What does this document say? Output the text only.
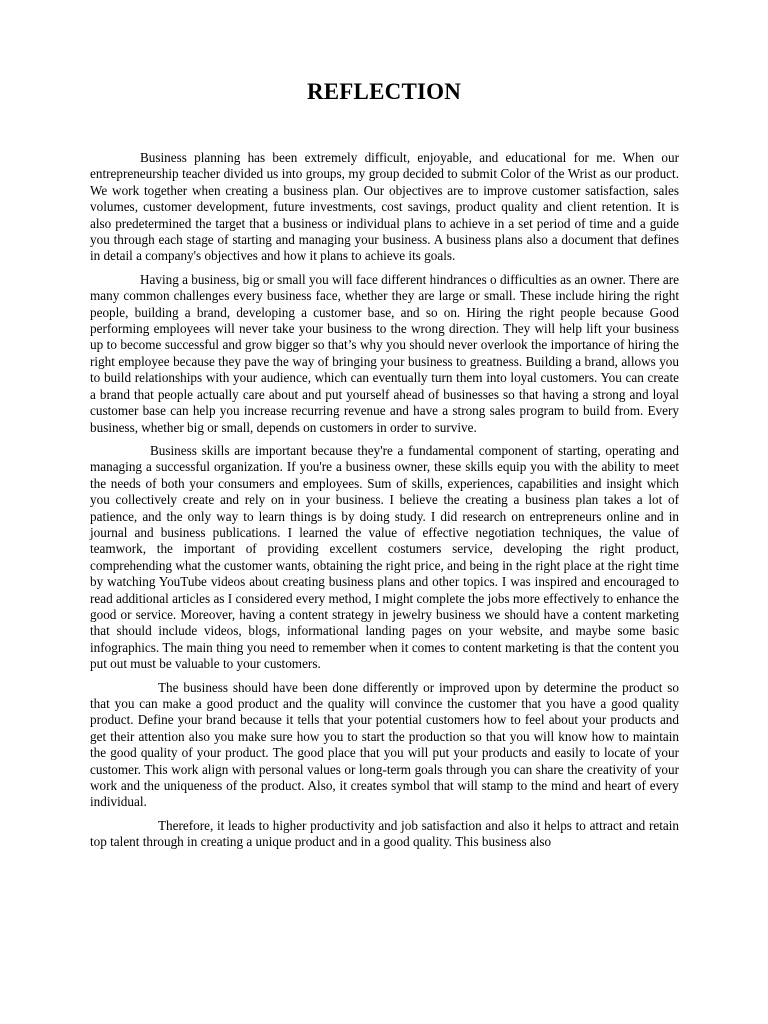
REFLECTION

Business planning has been extremely difficult, enjoyable, and educational for me. When our entrepreneurship teacher divided us into groups, my group decided to submit Color of the Wrist as our product. We work together when creating a business plan. Our objectives are to improve customer satisfaction, sales volumes, customer development, future investments, cost savings, product quality and client retention. It is also predetermined the target that a business or individual plans to achieve in a set period of time and a guide you through each stage of starting and managing your business. A business plans also a document that defines in detail a company's objectives and how it plans to achieve its goals.

Having a business, big or small you will face different hindrances o difficulties as an owner. There are many common challenges every business face, whether they are large or small. These include hiring the right people, building a brand, developing a customer base, and so on. Hiring the right people because Good performing employees will never take your business to the wrong direction. They will help lift your business up to become successful and grow bigger so that’s why you should never overlook the importance of hiring the right employee because they pave the way of bringing your business to greatness. Building a brand, allows you to build relationships with your audience, which can eventually turn them into loyal customers. You can create a brand that people actually care about and put yourself ahead of businesses so that having a strong and loyal customer base can help you increase recurring revenue and have a strong sales program to build from. Every business, whether big or small, depends on customers in order to survive.

Business skills are important because they're a fundamental component of starting, operating and managing a successful organization. If you're a business owner, these skills equip you with the ability to meet the needs of both your consumers and employees. Sum of skills, experiences, capabilities and insight which you collectively create and rely on in your business. I believe the creating a business plan takes a lot of patience, and the only way to learn things is by doing study. I did research on entrepreneurs online and in journal and business publications. I learned the value of effective negotiation techniques, the value of teamwork, the important of providing excellent costumers service, developing the right product, comprehending what the customer wants, obtaining the right price, and being in the right place at the right time by watching YouTube videos about creating business plans and other topics. I was inspired and encouraged to read additional articles as I considered every method, I might complete the jobs more effectively to enhance the good or service. Moreover, having a content strategy in jewelry business we should have a content marketing that should include videos, blogs, informational landing pages on your website, and maybe some basic infographics. The main thing you need to remember when it comes to content marketing is that the content you put out must be valuable to your customers.

The business should have been done differently or improved upon by determine the product so that you can make a good product and the quality will convince the customer that you have a good quality product. Define your brand because it tells that your potential customers how to feel about your products and get their attention also you make sure how you to start the production so that you will know how to maintain the good quality of your product. The good place that you will put your products and easily to locate of your customer. This work align with personal values or long-term goals through you can share the creativity of your work and the uniqueness of the product. Also, it creates symbol that will stamp to the mind and heart of every individual.

Therefore, it leads to higher productivity and job satisfaction and also it helps to attract and retain top talent through in creating a unique product and in a good quality. This business also
